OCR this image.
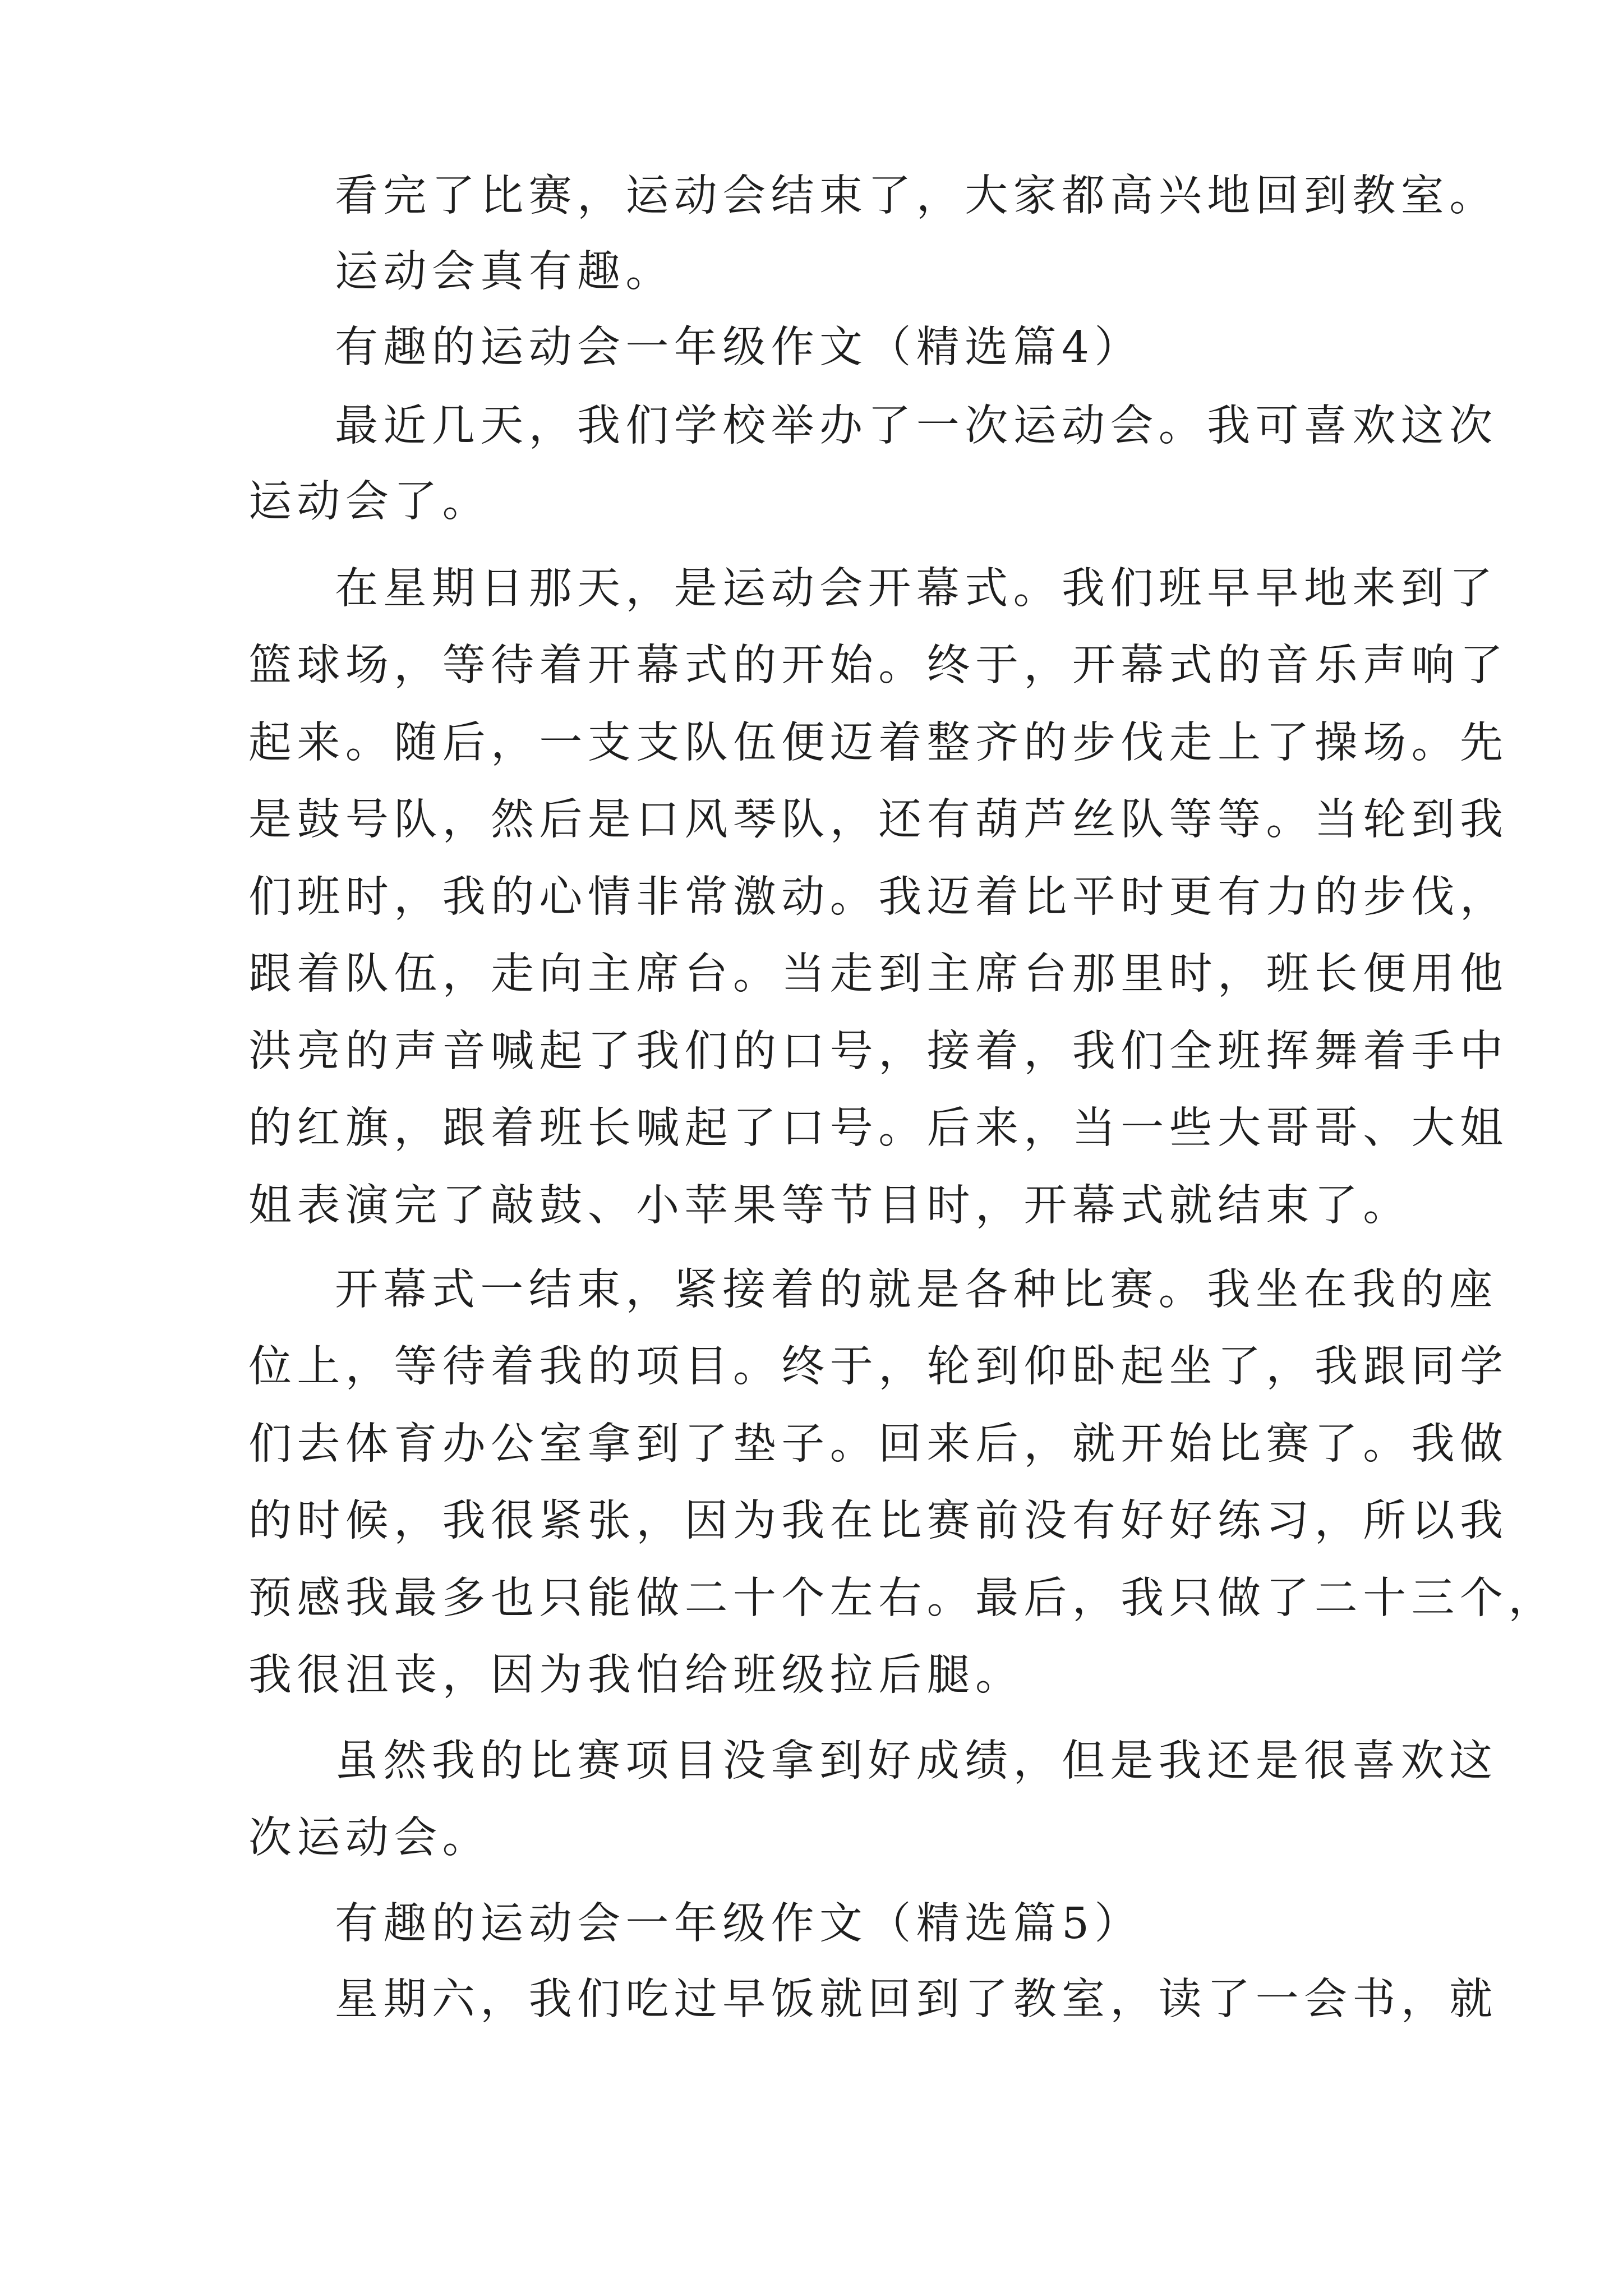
看完了比赛，运动会结束了，大家都高兴地回到教室。
运动会真有趣。
有趣的运动会一年级作文（精选篇4）
最近几天，我们学校举办了一次运动会。我可喜欢这次
运动会了。
在星期日那天，是运动会开幕式。我们班早早地来到了
篮球场，等待着开幕式的开始。终于，开幕式的音乐声响了
起来。随后，一支支队伍便迈着整齐的步伐走上了操场。先
是鼓号队，然后是口风琴队，还有葫芦丝队等等。当轮到我
们班时，我的心情非常激动。我迈着比平时更有力的步伐，
跟着队伍，走向主席台。当走到主席台那里时，班长便用他
洪亮的声音喊起了我们的口号，接着，我们全班挥舞着手中
的红旗，跟着班长喊起了口号。后来，当一些大哥哥、大姐
姐表演完了敲鼓、小苹果等节目时，开幕式就结束了。
开幕式一结束，紧接着的就是各种比赛。我坐在我的座
位上，等待着我的项目。终于，轮到仰卧起坐了，我跟同学
们去体育办公室拿到了垫子。回来后，就开始比赛了。我做
的时候，我很紧张，因为我在比赛前没有好好练习，所以我
预感我最多也只能做二十个左右。最后，我只做了二十三个，
我很沮丧，因为我怕给班级拉后腿。
虽然我的比赛项目没拿到好成绩，但是我还是很喜欢这
次运动会。
有趣的运动会一年级作文（精选篇5）
星期六，我们吃过早饭就回到了教室，读了一会书，就
